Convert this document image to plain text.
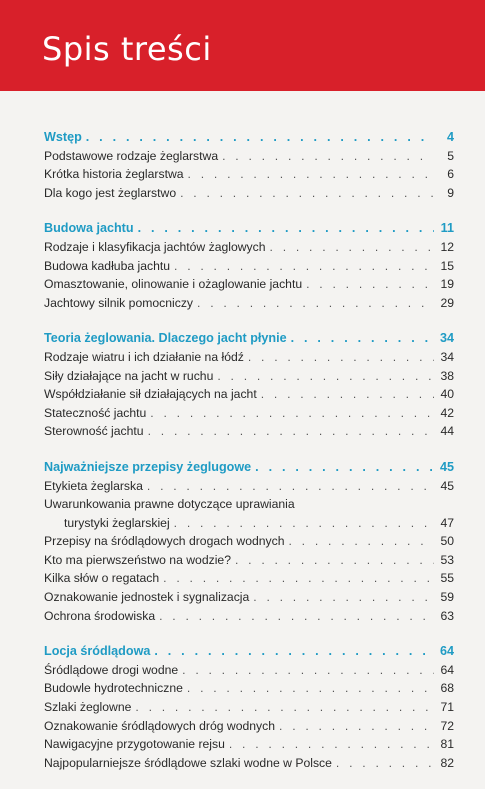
Spis treści
Wstęp . . .	4
Podstawowe rodzaje żeglarstwa . . .	5
Krótka historia żeglarstwa . . .	6
Dla kogo jest żeglarstwo . . .	9
Budowa jachtu . . .	11
Rodzaje i klasyfikacja jachtów żaglowych . . .	12
Budowa kadłuba jachtu . . .	15
Omasztowanie, olinowanie i ożaglowanie jachtu . . .	19
Jachtowy silnik pomocniczy . . .	29
Teoria żeglowania. Dlaczego jacht płynie . . .	34
Rodzaje wiatru i ich działanie na łódź . . .	34
Siły działające na jacht w ruchu . . .	38
Współdziałanie sił działających na jacht . . .	40
Stateczność jachtu . . .	42
Sterowność jachtu . . .	44
Najważniejsze przepisy żeglugowe . . .	45
Etykieta żeglarska . . .	45
Uwarunkowania prawne dotyczące uprawiania
turystyki żeglarskiej . . .	47
Przepisy na śródlądowych drogach wodnych . . .	50
Kto ma pierwszeństwo na wodzie? . . .	53
Kilka słów o regatach . . .	55
Oznakowanie jednostek i sygnalizacja . . .	59
Ochrona środowiska . . .	63
Locja śródlądowa . . .	64
Śródlądowe drogi wodne . . .	64
Budowle hydrotechniczne . . .	68
Szlaki żeglowne . . .	71
Oznakowanie śródlądowych dróg wodnych . . .	72
Nawigacyjne przygotowanie rejsu . . .	81
Najpopularniejsze śródlądowe szlaki wodne w Polsce . . .	82
